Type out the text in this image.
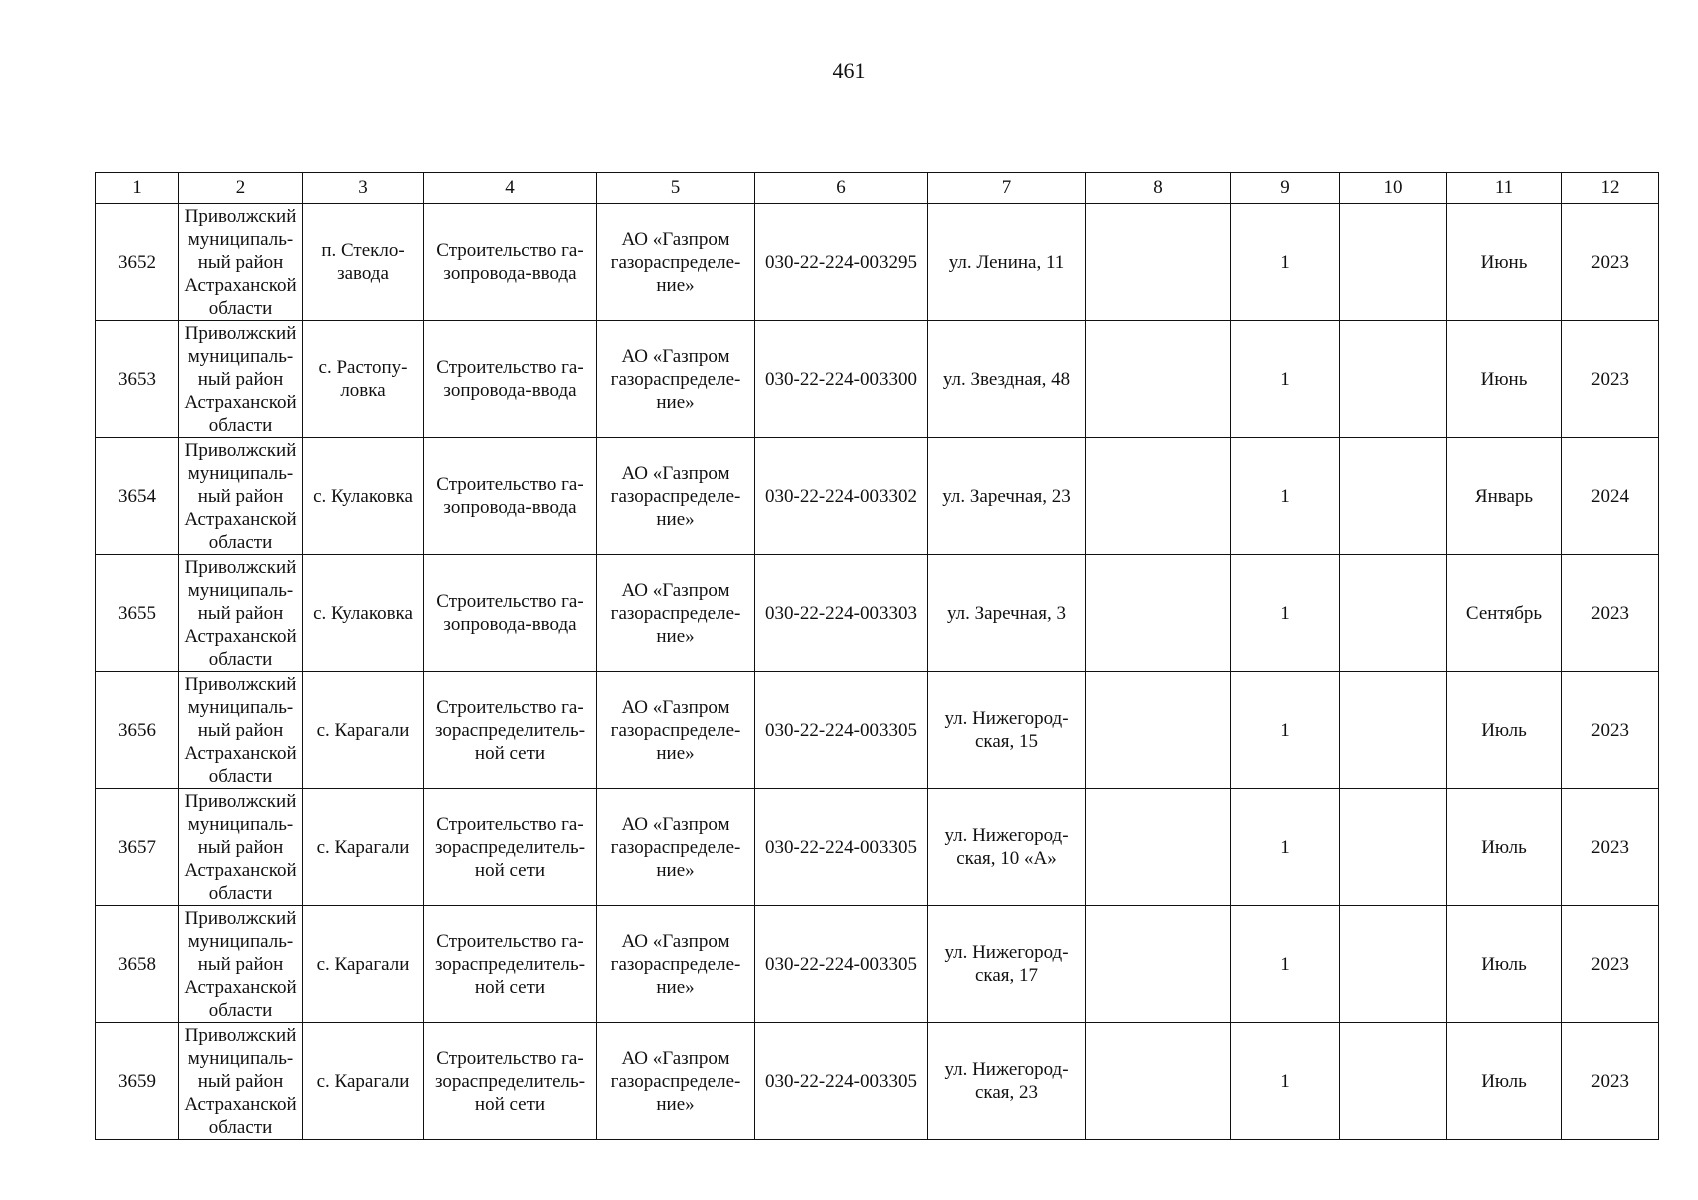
461
1	2	3	4	5	6	7	8	9	10	11	12
3652	Приволжский
муниципаль-
ный район
Астраханской
области	п. Стекло-
завода	Строительство га-
зопровода-ввода	АО «Газпром
газораспределе-
ние»	030-22-224-003295	ул. Ленина, 11		1		Июнь	2023
3653	Приволжский
муниципаль-
ный район
Астраханской
области	с. Растопу-
ловка	Строительство га-
зопровода-ввода	АО «Газпром
газораспределе-
ние»	030-22-224-003300	ул. Звездная, 48		1		Июнь	2023
3654	Приволжский
муниципаль-
ный район
Астраханской
области	с. Кулаковка	Строительство га-
зопровода-ввода	АО «Газпром
газораспределе-
ние»	030-22-224-003302	ул. Заречная, 23		1		Январь	2024
3655	Приволжский
муниципаль-
ный район
Астраханской
области	с. Кулаковка	Строительство га-
зопровода-ввода	АО «Газпром
газораспределе-
ние»	030-22-224-003303	ул. Заречная, 3		1		Сентябрь	2023
3656	Приволжский
муниципаль-
ный район
Астраханской
области	с. Карагали	Строительство га-
зораспределитель-
ной сети	АО «Газпром
газораспределе-
ние»	030-22-224-003305	ул. Нижегород-
ская, 15		1		Июль	2023
3657	Приволжский
муниципаль-
ный район
Астраханской
области	с. Карагали	Строительство га-
зораспределитель-
ной сети	АО «Газпром
газораспределе-
ние»	030-22-224-003305	ул. Нижегород-
ская, 10 «А»		1		Июль	2023
3658	Приволжский
муниципаль-
ный район
Астраханской
области	с. Карагали	Строительство га-
зораспределитель-
ной сети	АО «Газпром
газораспределе-
ние»	030-22-224-003305	ул. Нижегород-
ская, 17		1		Июль	2023
3659	Приволжский
муниципаль-
ный район
Астраханской
области	с. Карагали	Строительство га-
зораспределитель-
ной сети	АО «Газпром
газораспределе-
ние»	030-22-224-003305	ул. Нижегород-
ская, 23		1		Июль	2023
